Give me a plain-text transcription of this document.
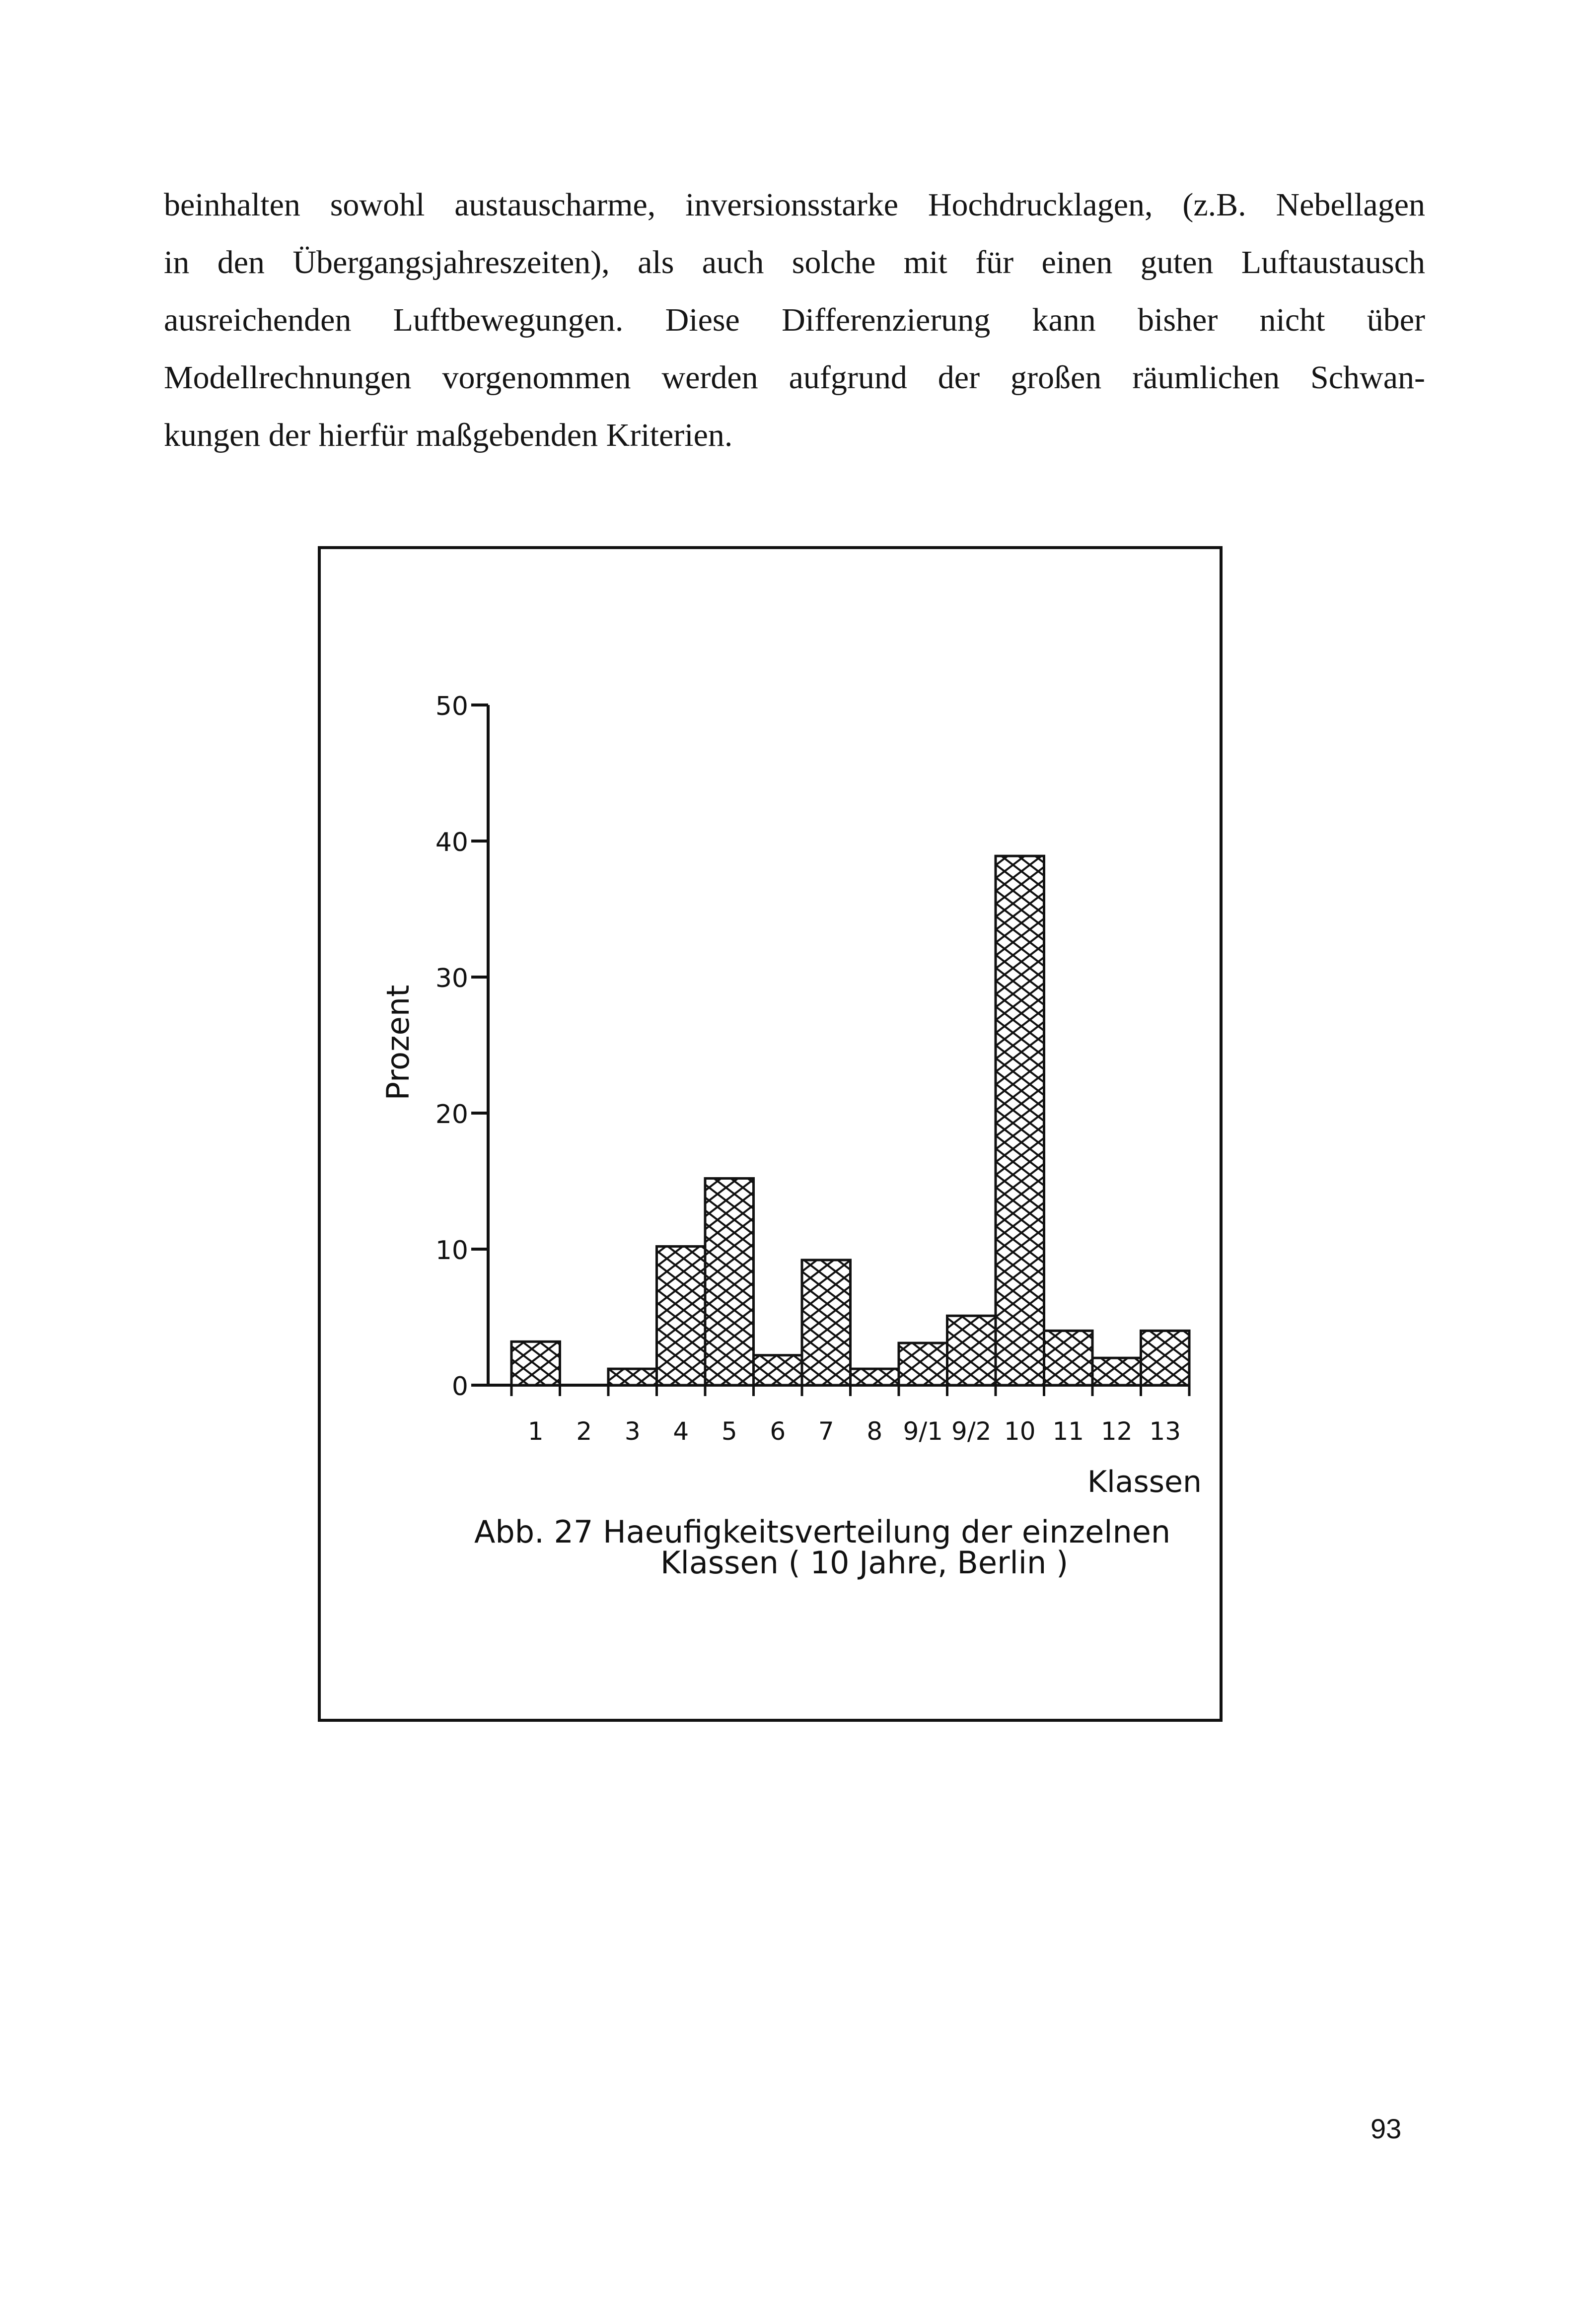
beinhalten sowohl austauscharme, inversionsstarke Hochdrucklagen, (z.B. Nebellagen
in den Übergangsjahreszeiten), als auch solche mit für einen guten Luftaustausch
ausreichenden Luftbewegungen. Diese Differenzierung kann bisher nicht über
Modellrechnungen vorgenommen werden aufgrund der großen räumlichen Schwan-
kungen der hierfür maßgebenden Kriterien.
0
10
20
30
40
50
Prozent
1 2 3 4 5 6 7 8 9/1 9/2 10 11 12 13
Klassen
Abb. 27 Haeufigkeitsverteilung der einzelnen
Klassen ( 10 Jahre, Berlin )
93
